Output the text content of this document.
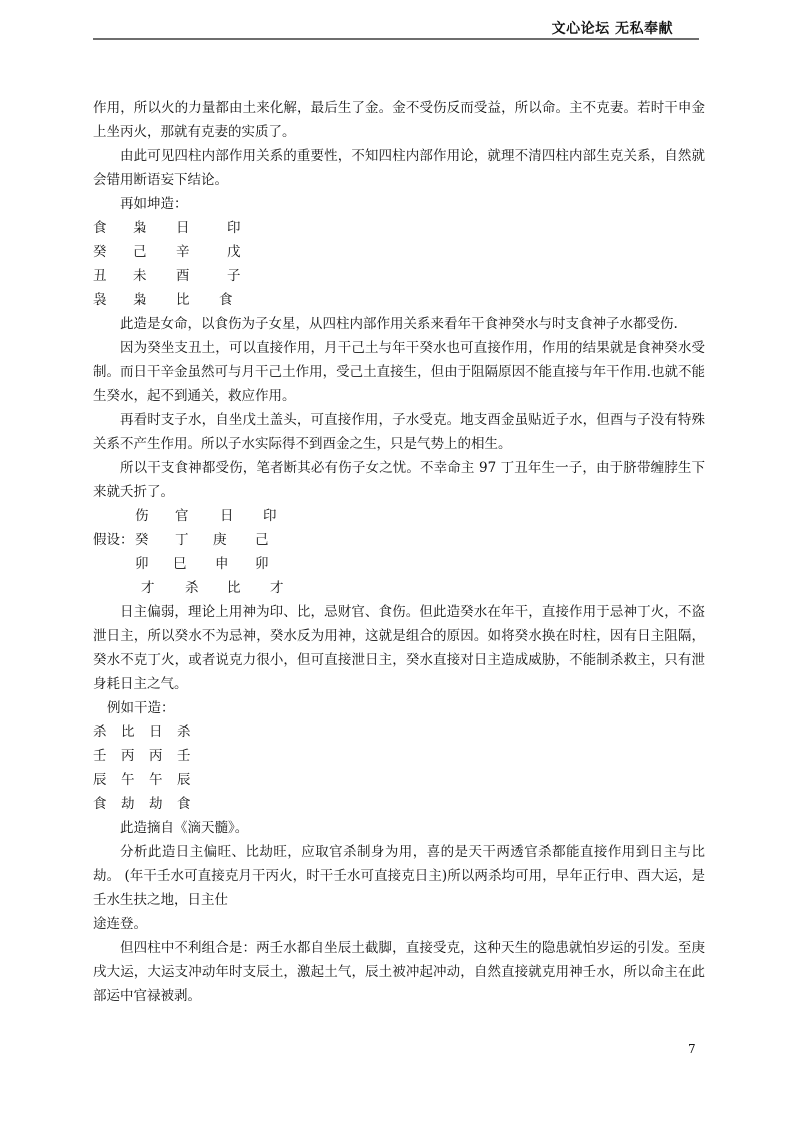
文心论坛 无私奉献

作用，所以火的力量都由土来化解，最后生了金。金不受伤反而受益，所以命。主不克妻。若时干申金上坐丙火，那就有克妻的实质了。

由此可见四柱内部作用关系的重要性，不知四柱内部作用论，就理不清四柱内部生克关系，自然就会错用断语妄下结论。

再如坤造：

食 枭 日	印
癸 己 辛	戊
丑 未 酉	子
袅 枭 比 食

此造是女命，以食伤为子女星，从四柱内部作用关系来看年干食神癸水与时支食神子水都受伤.

因为癸坐支丑土，可以直接作用，月干己土与年干癸水也可直接作用，作用的结果就是食神癸水受制。而日干辛金虽然可与月干己土作用，受己土直接生，但由于阻隔原因不能直接与年干作用.也就不能生癸水，起不到通关，救应作用。

再看时支子水，自坐戊土盖头，可直接作用，子水受克。地支酉金虽贴近子水，但酉与子没有特殊关系不产生作用。所以子水实际得不到酉金之生，只是气势上的相生。

所以干支食神都受伤，笔者断其必有伤子女之忧。不幸命主 97 丁丑年生一子，由于脐带缠脖生下来就夭折了。

伤 官 日 印
假设： 癸 丁 庚 己
卯 巳 申 卯
才 杀 比 才

日主偏弱，理论上用神为印、比，忌财官、食伤。但此造癸水在年干，直接作用于忌神丁火，不盗泄日主，所以癸水不为忌神，癸水反为用神，这就是组合的原因。如将癸水换在时柱，因有日主阻隔，癸水不克丁火，或者说克力很小，但可直接泄日主，癸水直接对日主造成威胁，不能制杀救主，只有泄身耗日主之气。

例如干造：

杀 比 日 杀
壬 丙 丙 壬
辰 午 午 辰
食 劫 劫 食

此造摘自《滴天髓》。

分析此造日主偏旺、比劫旺，应取官杀制身为用，喜的是天干两透官杀都能直接作用到日主与比劫。 (年干壬水可直接克月干丙火，时干壬水可直接克日主)所以两杀均可用，早年正行申、酉大运，是壬水生扶之地，日主仕

途连登。

但四柱中不利组合是：两壬水都自坐辰土截脚，直接受克，这种天生的隐患就怕岁运的引发。至庚戌大运，大运支冲动年时支辰土，激起土气，辰土被冲起冲动，自然直接就克用神壬水，所以命主在此部运中官禄被剥。

7
